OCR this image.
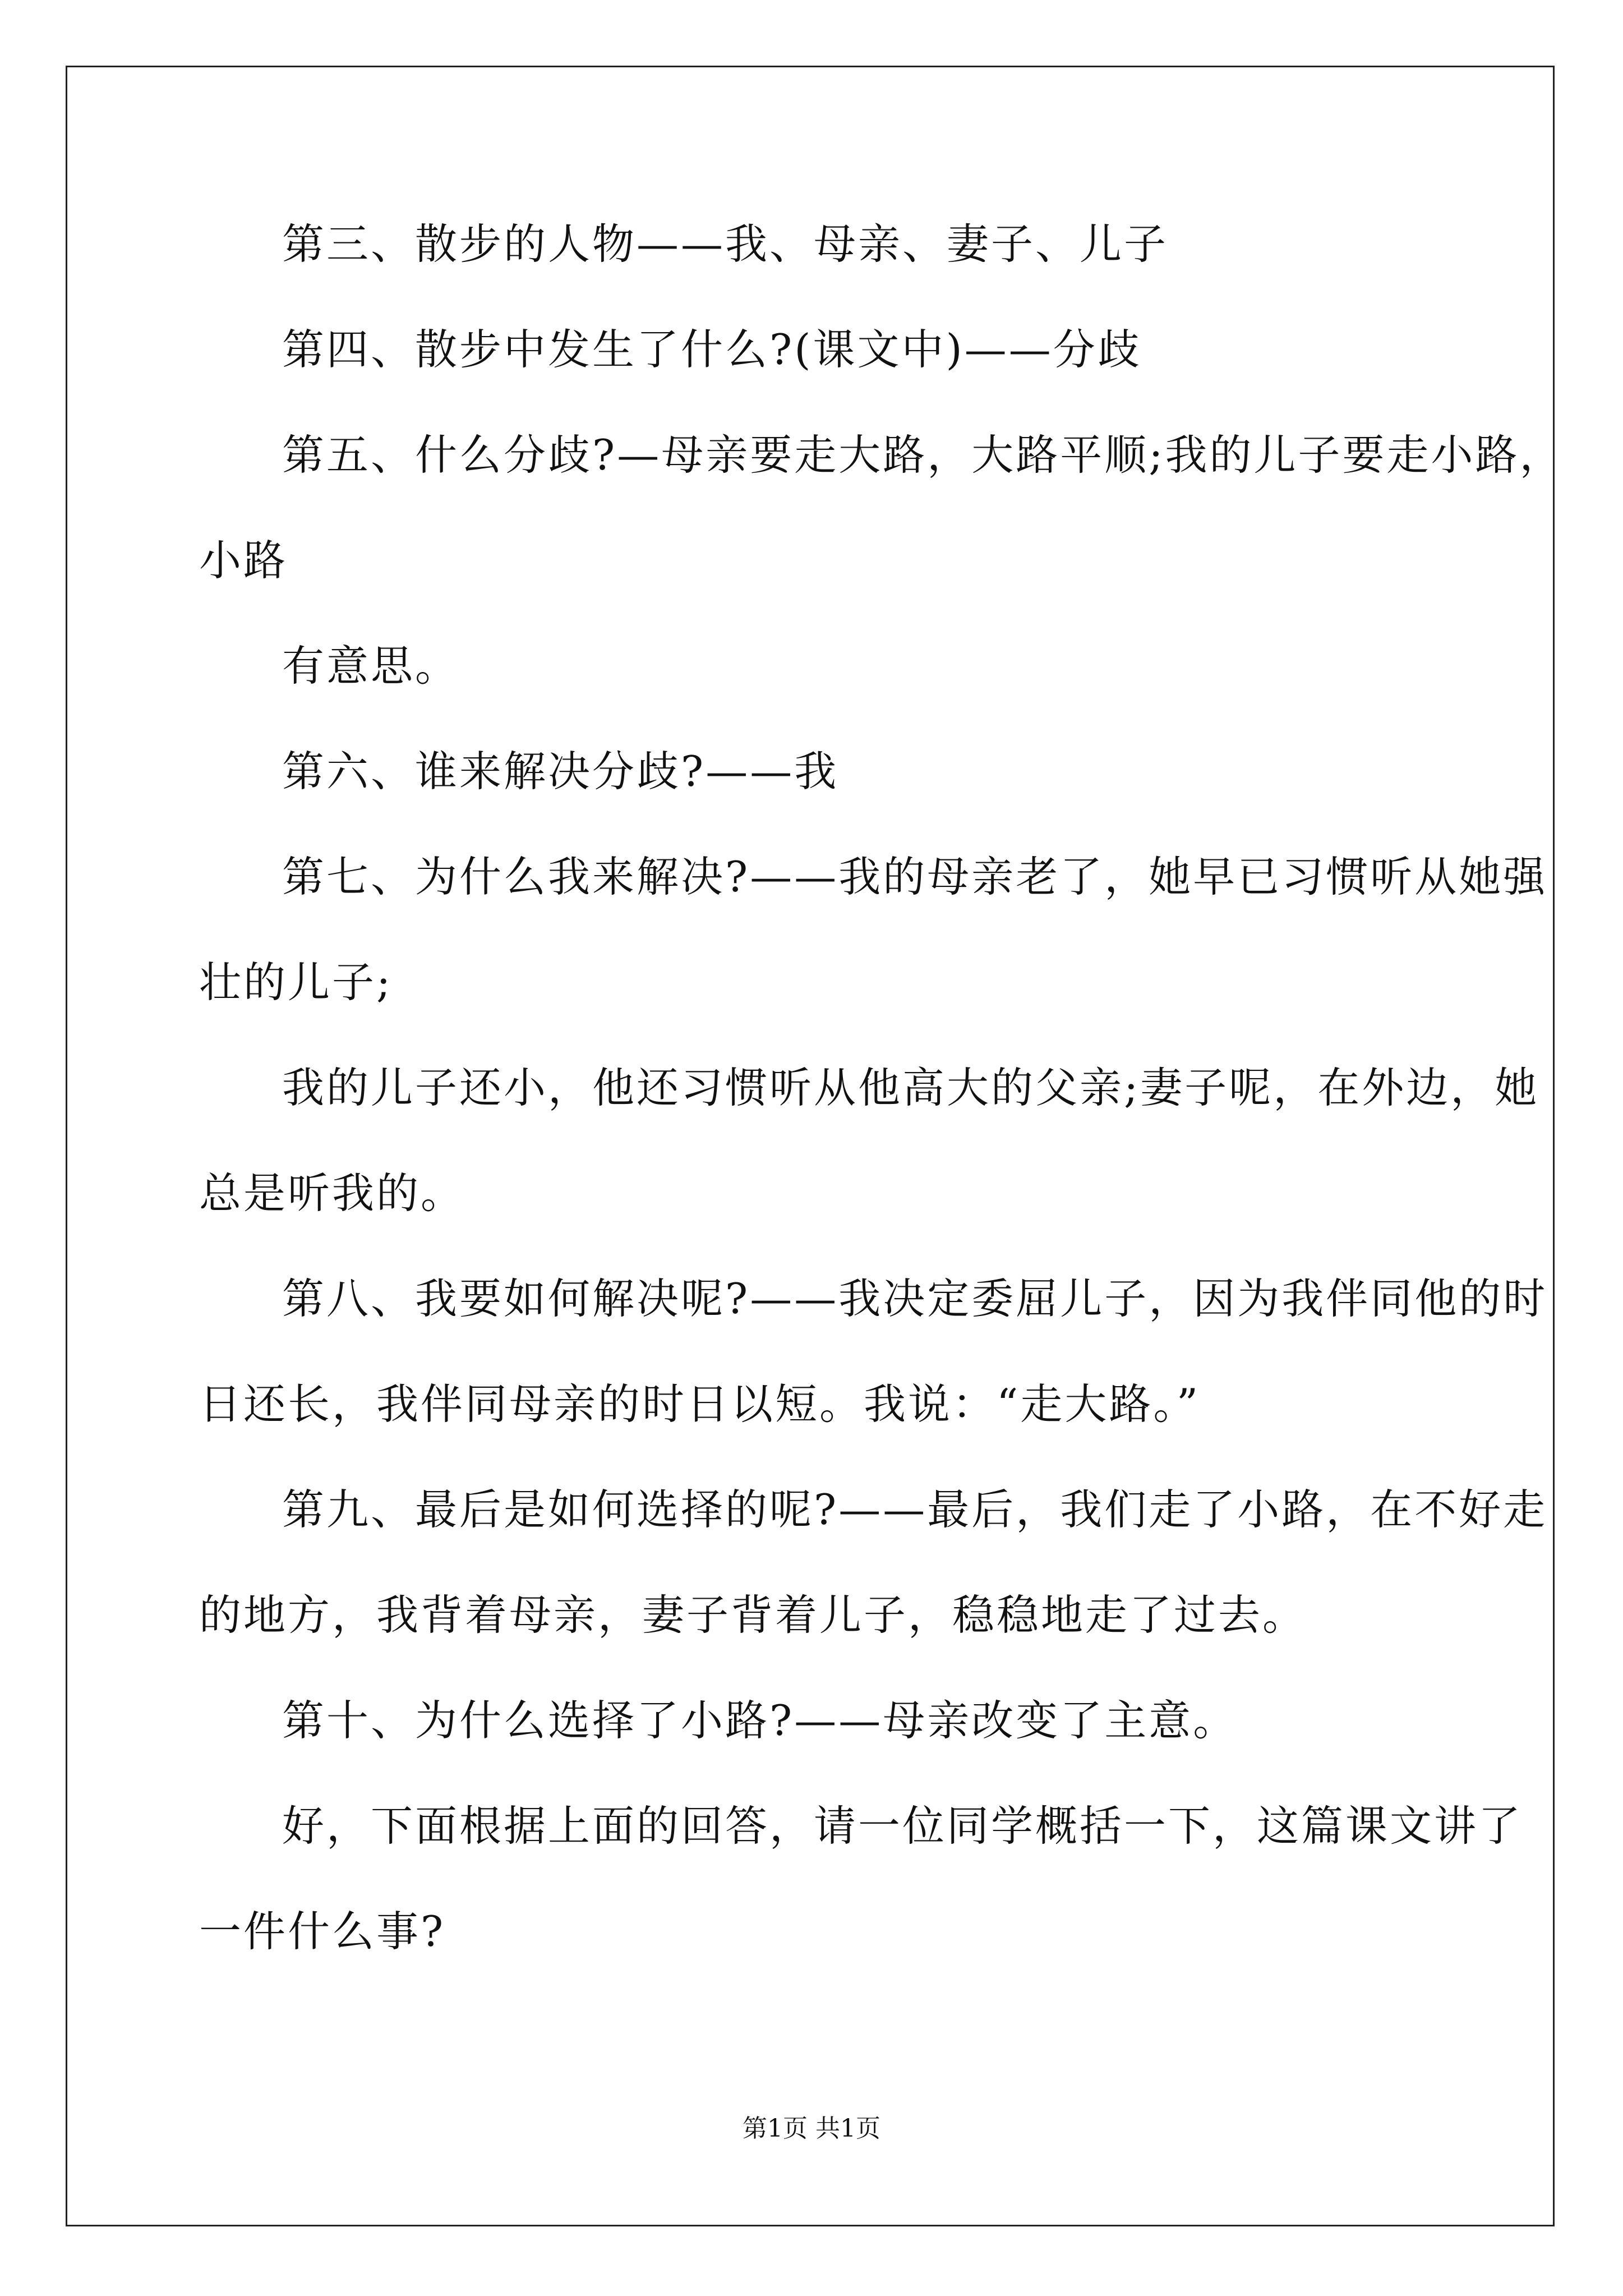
第三、散步的人物——我、母亲、妻子、儿子
第四、散步中发生了什么?(课文中)——分歧
第五、什么分歧?—母亲要走大路，大路平顺;我的儿子要走小路，
小路
有意思。
第六、谁来解决分歧?——我
第七、为什么我来解决?——我的母亲老了，她早已习惯听从她强
壮的儿子;
我的儿子还小，他还习惯听从他高大的父亲;妻子呢，在外边，她
总是听我的。
第八、我要如何解决呢?——我决定委屈儿子，因为我伴同他的时
日还长，我伴同母亲的时日以短。我说：“走大路。”
第九、最后是如何选择的呢?——最后，我们走了小路，在不好走
的地方，我背着母亲，妻子背着儿子，稳稳地走了过去。
第十、为什么选择了小路?——母亲改变了主意。
好，下面根据上面的回答，请一位同学概括一下，这篇课文讲了
一件什么事?
第1页 共1页
